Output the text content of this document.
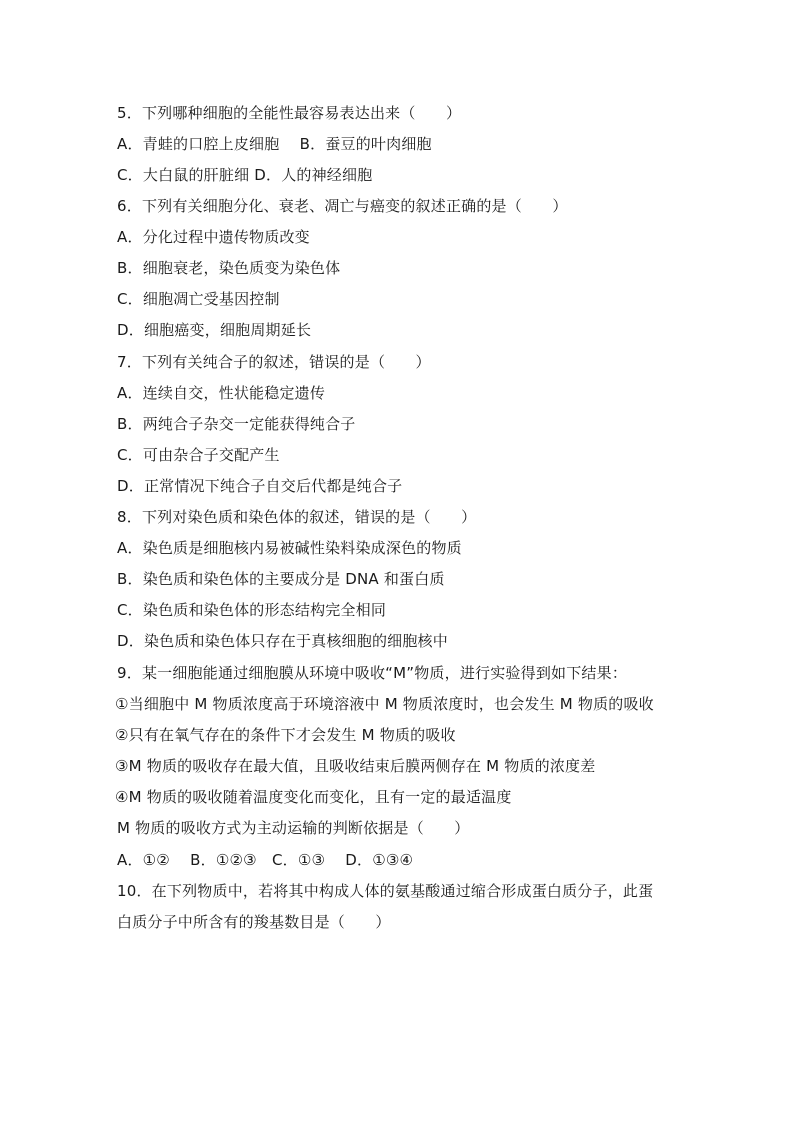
5．下列哪种细胞的全能性最容易表达出来（　　）
A．青蛙的口腔上皮细胞　 B．蚕豆的叶肉细胞
C．大白鼠的肝脏细 D．人的神经细胞
6．下列有关细胞分化、衰老、凋亡与癌变的叙述正确的是（　　）
A．分化过程中遗传物质改变
B．细胞衰老，染色质变为染色体
C．细胞凋亡受基因控制
D．细胞癌变，细胞周期延长
7．下列有关纯合子的叙述，错误的是（　　）
A．连续自交，性状能稳定遗传
B．两纯合子杂交一定能获得纯合子
C．可由杂合子交配产生
D．正常情况下纯合子自交后代都是纯合子
8．下列对染色质和染色体的叙述，错误的是（　　）
A．染色质是细胞核内易被碱性染料染成深色的物质
B．染色质和染色体的主要成分是 DNA 和蛋白质
C．染色质和染色体的形态结构完全相同
D．染色质和染色体只存在于真核细胞的细胞核中
9．某一细胞能通过细胞膜从环境中吸收“M”物质，进行实验得到如下结果：
①当细胞中 M 物质浓度高于环境溶液中 M 物质浓度时，也会发生 M 物质的吸收
②只有在氧气存在的条件下才会发生 M 物质的吸收
③M 物质的吸收存在最大值，且吸收结束后膜两侧存在 M 物质的浓度差
④M 物质的吸收随着温度变化而变化，且有一定的最适温度
M 物质的吸收方式为主动运输的判断依据是（　　）
A．①②　 B．①②③　C．①③　 D．①③④
10．在下列物质中，若将其中构成人体的氨基酸通过缩合形成蛋白质分子，此蛋
白质分子中所含有的羧基数目是（　　）
